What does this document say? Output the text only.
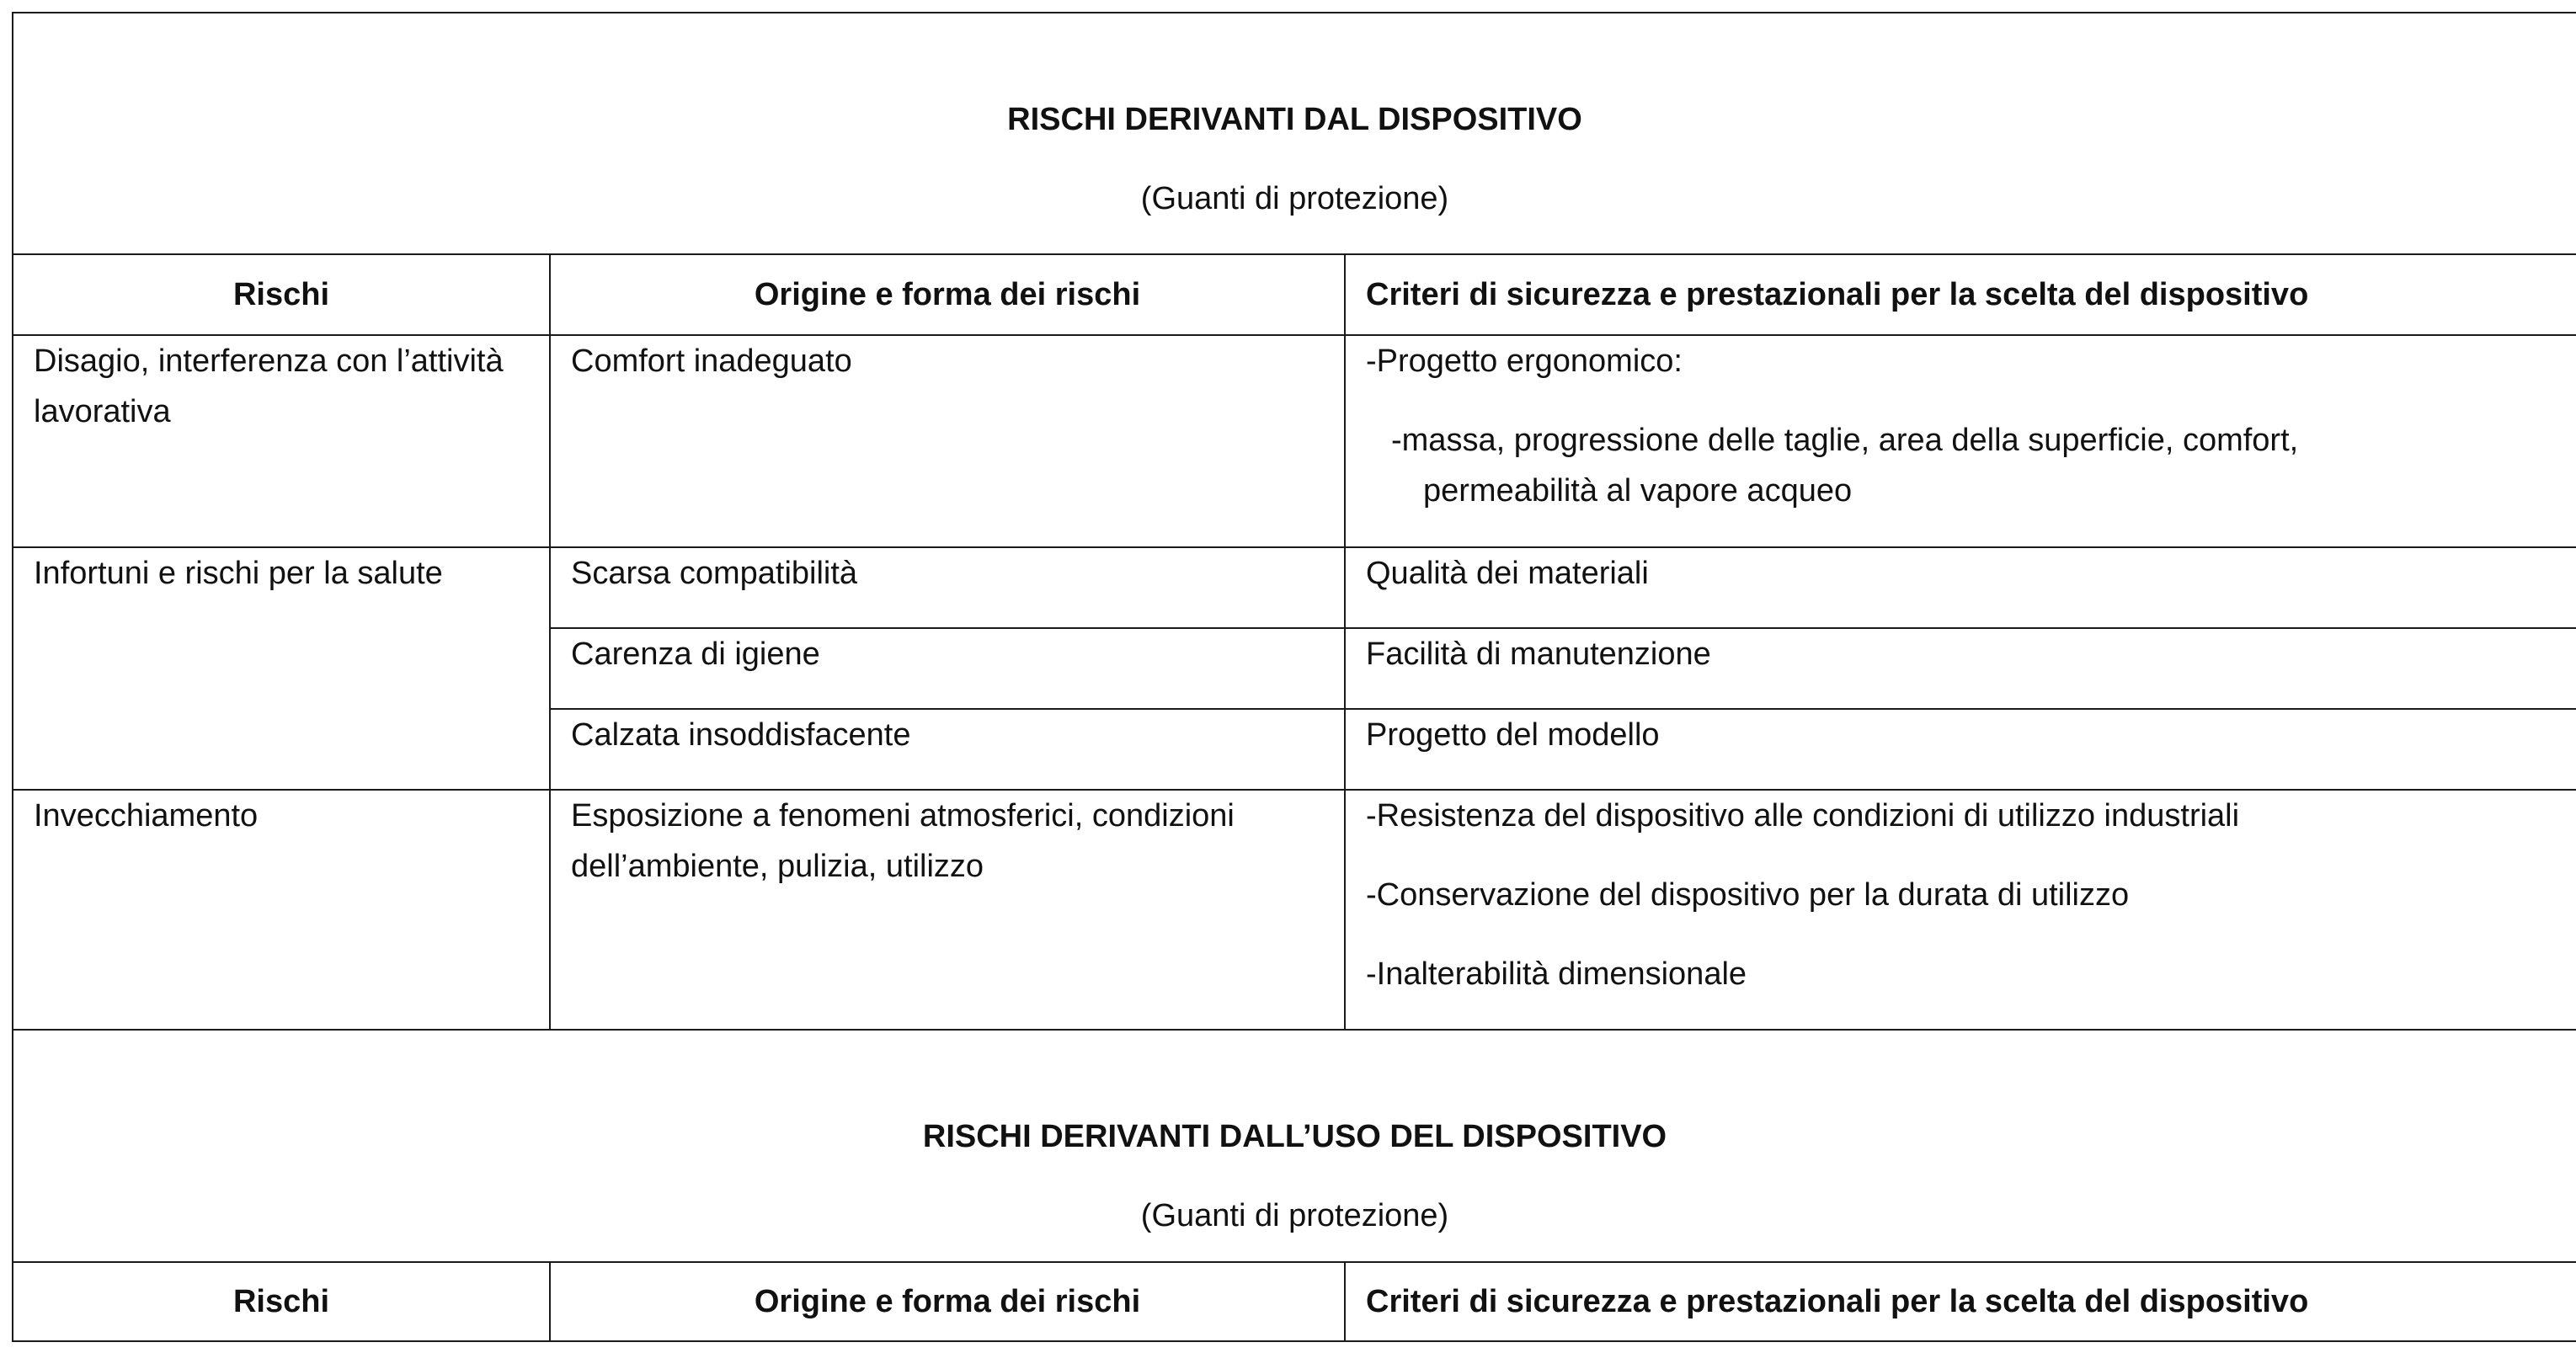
RISCHI DERIVANTI DAL DISPOSITIVO
(Guanti di protezione)		

Rischi	Origine e forma dei rischi	Criteri di sicurezza e prestazionali per la scelta del dispositivo
Disagio, interferenza con l’attività lavorativa	Comfort inadeguato	-Progetto ergonomico:
-massa, progressione delle taglie, area della superficie, comfort,
permeabilità al vapore acqueo

Infortuni e rischi per la salute	Scarsa compatibilità	Qualità dei materiali
	Carenza di igiene	Facilità di manutenzione
	Calzata insoddisfacente	Progetto del modello
Invecchiamento	Esposizione a fenomeni atmosferici, condizioni dell’ambiente, pulizia, utilizzo	-Resistenza del dispositivo alle condizioni di utilizzo industriali

-Conservazione del dispositivo per la durata di utilizzo

-Inalterabilità dimensionale

RISCHI DERIVANTI DALL’USO DEL DISPOSITIVO
(Guanti di protezione)		

Rischi	Origine e forma dei rischi	Criteri di sicurezza e prestazionali per la scelta del dispositivo
